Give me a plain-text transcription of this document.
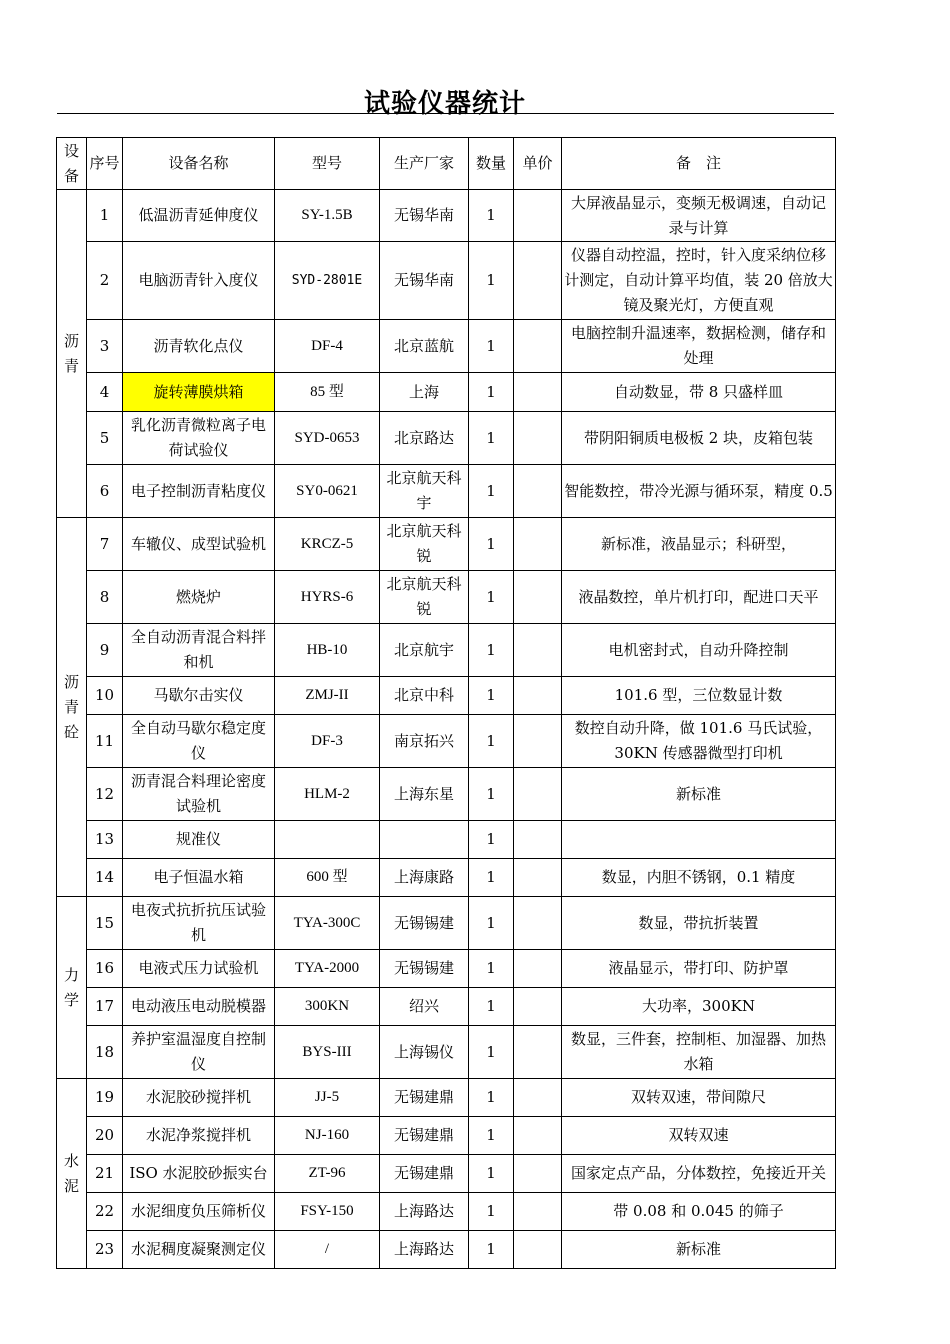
试验仪器统计
设备	序号	设备名称	型号	生产厂家	数量	单价	备　注

沥青	1	低温沥青延伸度仪	SY-1.5B	无锡华南	1		大屏液晶显示，变频无极调速，自动记录与计算
	2	电脑沥青针入度仪	SYD-2801E	无锡华南	1		仪器自动控温，控时，针入度采纳位移计测定，自动计算平均值，装 20 倍放大镜及聚光灯，方便直观
	3	沥青软化点仪	DF-4	北京蓝航	1		电脑控制升温速率，数据检测，储存和处理
	4	旋转薄膜烘箱	85 型	上海	1		自动数显，带 8 只盛样皿
	5	乳化沥青微粒离子电荷试验仪	SYD-0653	北京路达	1		带阴阳铜质电极板 2 块，皮箱包装
	6	电子控制沥青粘度仪	SY0-0621	北京航天科宇	1		智能数控，带冷光源与循环泵，精度 0.5

沥青砼	7	车辙仪、成型试验机	KRCZ-5	北京航天科锐	1		新标准，液晶显示；科研型，
	8	燃烧炉	HYRS-6	北京航天科锐	1		液晶数控，单片机打印，配进口天平
	9	全自动沥青混合料拌和机	HB-10	北京航宇	1		电机密封式，自动升降控制
	10	马歇尔击实仪	ZMJ-II	北京中科	1		101.6 型，三位数显计数
	11	全自动马歇尔稳定度仪	DF-3	南京拓兴	1		数控自动升降，做 101.6 马氏试验，30KN 传感器微型打印机
	12	沥青混合料理论密度试验机	HLM-2	上海东星	1		新标准
	13	规准仪			1		
	14	电子恒温水箱	600 型	上海康路	1		数显，内胆不锈钢，0.1 精度

力学	15	电夜式抗折抗压试验机	TYA-300C	无锡锡建	1		数显，带抗折装置
	16	电液式压力试验机	TYA-2000	无锡锡建	1		液晶显示，带打印、防护罩
	17	电动液压电动脱模器	300KN	绍兴	1		大功率，300KN
	18	养护室温湿度自控制仪	BYS-III	上海锡仪	1		数显，三件套，控制柜、加湿器、加热水箱

水泥	19	水泥胶砂搅拌机	JJ-5	无锡建鼎	1		双转双速，带间隙尺
	20	水泥净浆搅拌机	NJ-160	无锡建鼎	1		双转双速
	21	ISO 水泥胶砂振实台	ZT-96	无锡建鼎	1		国家定点产品，分体数控，免接近开关
	22	水泥细度负压筛析仪	FSY-150	上海路达	1		带 0.08 和 0.045 的筛子
	23	水泥稠度凝聚测定仪	/	上海路达	1		新标准
